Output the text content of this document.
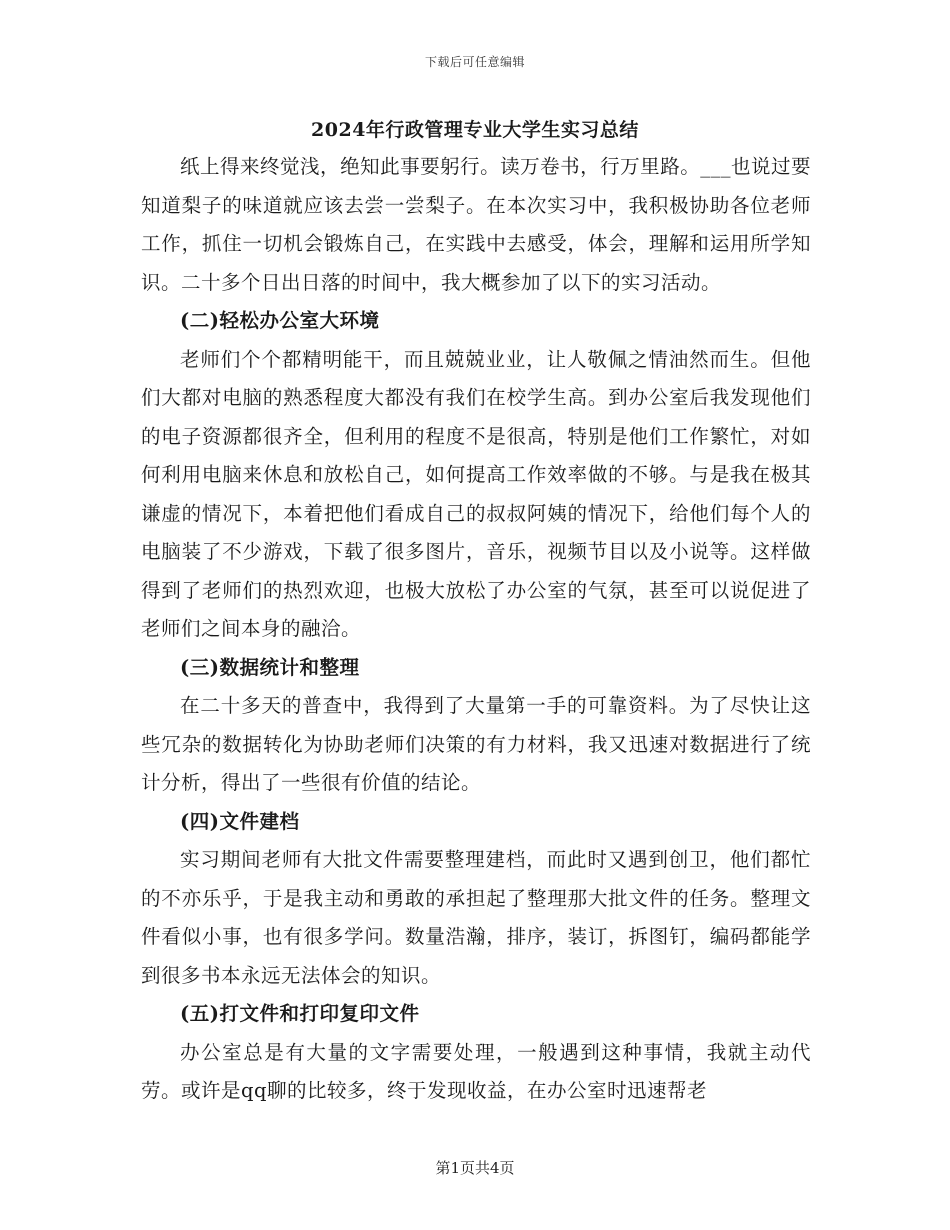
下载后可任意编辑
2024年行政管理专业大学生实习总结

纸上得来终觉浅，绝知此事要躬行。读万卷书，行万里路。___也说过要知道梨子的味道就应该去尝一尝梨子。在本次实习中，我积极协助各位老师工作，抓住一切机会锻炼自己，在实践中去感受，体会，理解和运用所学知识。二十多个日出日落的时间中，我大概参加了以下的实习活动。

(二)轻松办公室大环境

老师们个个都精明能干，而且兢兢业业，让人敬佩之情油然而生。但他们大都对电脑的熟悉程度大都没有我们在校学生高。到办公室后我发现他们的电子资源都很齐全，但利用的程度不是很高，特别是他们工作繁忙，对如何利用电脑来休息和放松自己，如何提高工作效率做的不够。与是我在极其谦虚的情况下，本着把他们看成自己的叔叔阿姨的情况下，给他们每个人的电脑装了不少游戏，下载了很多图片，音乐，视频节目以及小说等。这样做得到了老师们的热烈欢迎，也极大放松了办公室的气氛，甚至可以说促进了老师们之间本身的融洽。

(三)数据统计和整理

在二十多天的普查中，我得到了大量第一手的可靠资料。为了尽快让这些冗杂的数据转化为协助老师们决策的有力材料，我又迅速对数据进行了统计分析，得出了一些很有价值的结论。

(四)文件建档

实习期间老师有大批文件需要整理建档，而此时又遇到创卫，他们都忙的不亦乐乎，于是我主动和勇敢的承担起了整理那大批文件的任务。整理文件看似小事，也有很多学问。数量浩瀚，排序，装订，拆图钉，编码都能学到很多书本永远无法体会的知识。

(五)打文件和打印复印文件

办公室总是有大量的文字需要处理，一般遇到这种事情，我就主动代劳。或许是qq聊的比较多，终于发现收益，在办公室时迅速帮老

第1页共4页
